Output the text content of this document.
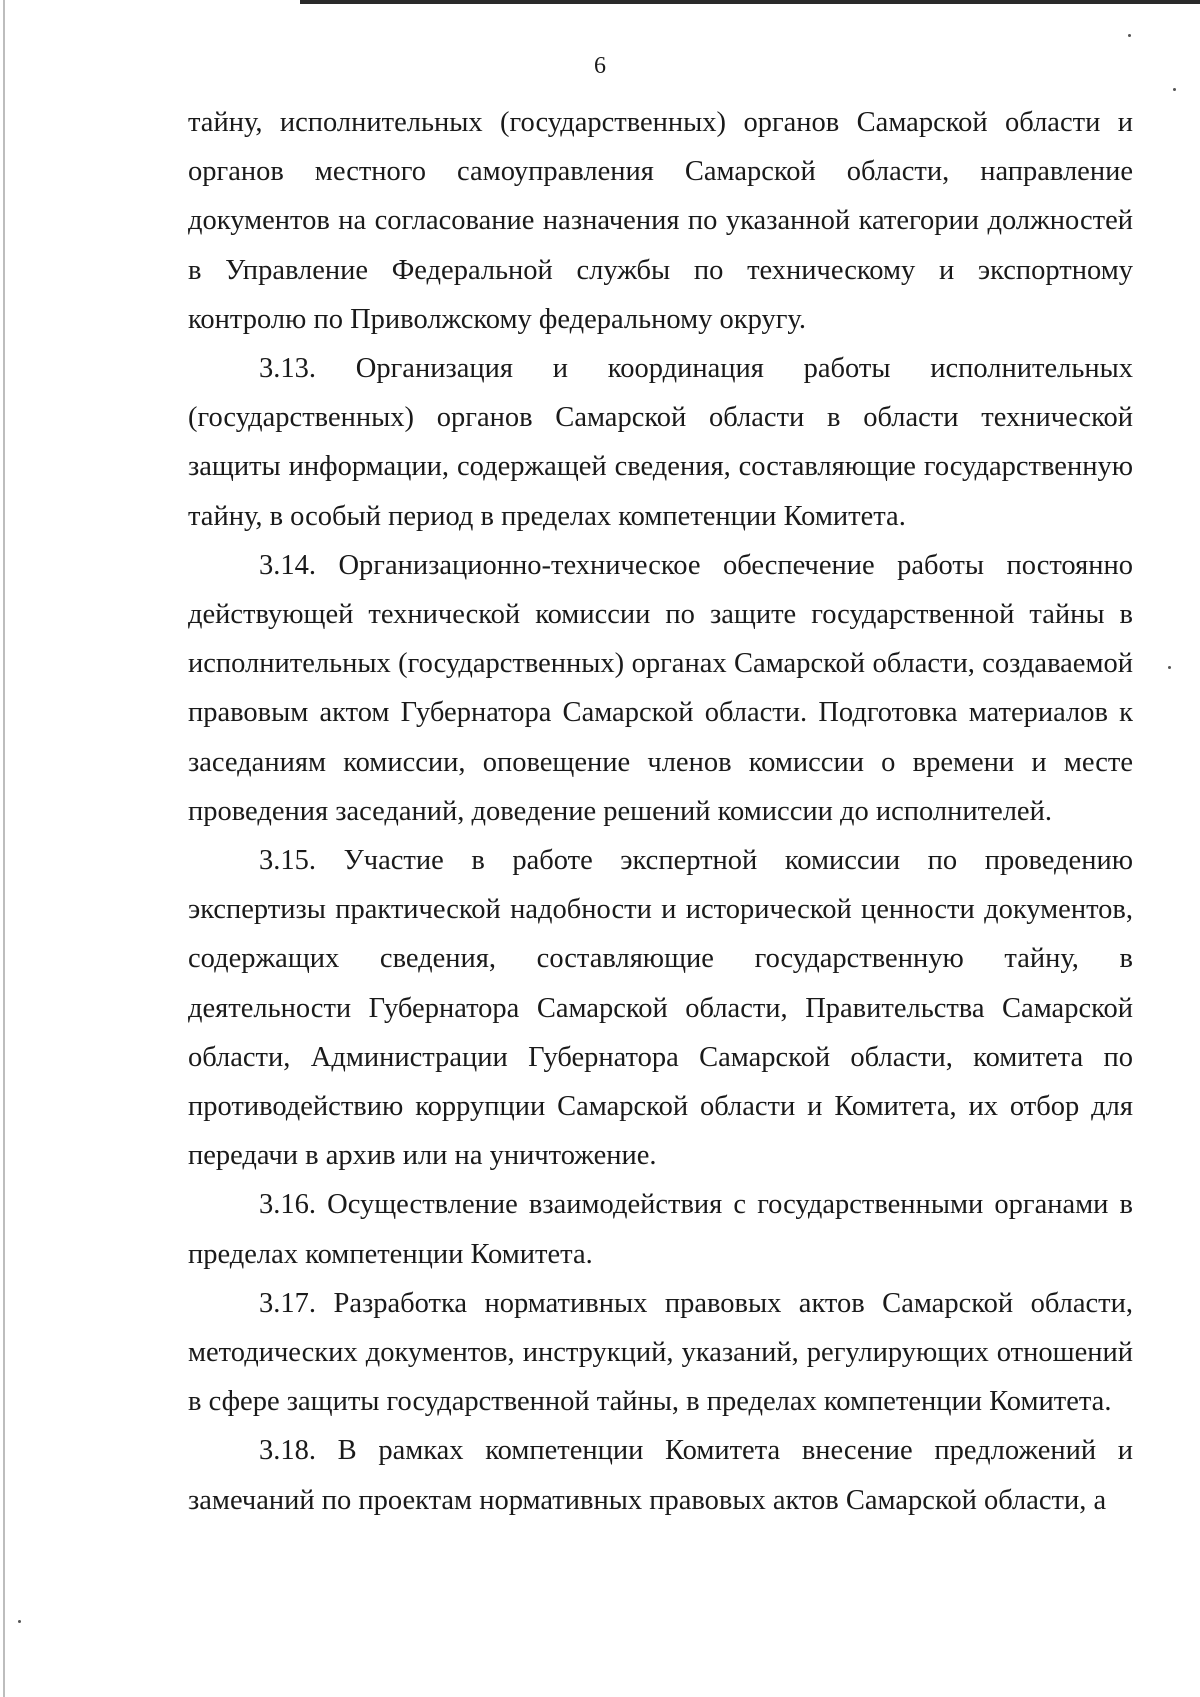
6

тайну, исполнительных (государственных) органов Самарской области и органов местного самоуправления Самарской области, направление документов на согласование назначения по указанной категории должностей в Управление Федеральной службы по техническому и экспортному контролю по Приволжскому федеральному округу.

3.13. Организация и координация работы исполнительных (государственных) органов Самарской области в области технической защиты информации, содержащей сведения, составляющие государственную тайну, в особый период в пределах компетенции Комитета.

3.14. Организационно-техническое обеспечение работы постоянно действующей технической комиссии по защите государственной тайны в исполнительных (государственных) органах Самарской области, создаваемой правовым актом Губернатора Самарской области. Подготовка материалов к заседаниям комиссии, оповещение членов комиссии о времени и месте проведения заседаний, доведение решений комиссии до исполнителей.

3.15. Участие в работе экспертной комиссии по проведению экспертизы практической надобности и исторической ценности документов, содержащих сведения, составляющие государственную тайну, в деятельности Губернатора Самарской области, Правительства Самарской области, Администрации Губернатора Самарской области, комитета по противодействию коррупции Самарской области и Комитета, их отбор для передачи в архив или на уничтожение.

3.16. Осуществление взаимодействия с государственными органами в пределах компетенции Комитета.

3.17. Разработка нормативных правовых актов Самарской области, методических документов, инструкций, указаний, регулирующих отношений в сфере защиты государственной тайны, в пределах компетенции Комитета.

3.18. В рамках компетенции Комитета внесение предложений и замечаний по проектам нормативных правовых актов Самарской области, а
